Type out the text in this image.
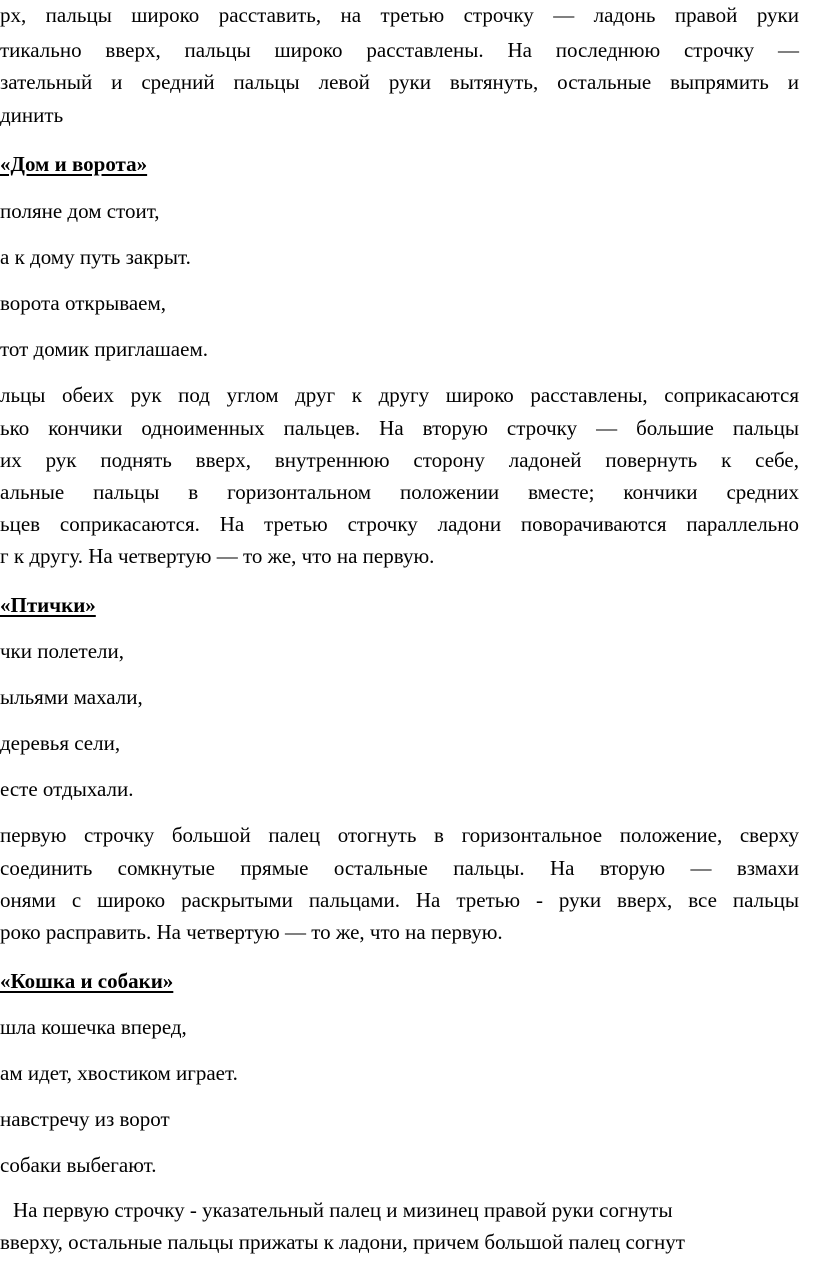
рх, пальцы широко расставить, на третью строчку — ладонь правой руки

тикально вверх, пальцы широко расставлены. На последнюю строчку —

зательный и средний пальцы левой руки вытянуть, остальные выпрямить и

динить

«Дом и ворота»

поляне дом стоит,

а к дому путь закрыт.

ворота открываем,

тот домик приглашаем.

льцы обеих рук под углом друг к другу широко расставлены, соприкасаются

ько кончики одноименных пальцев. На вторую строчку — большие пальцы

их рук поднять вверх, внутреннюю сторону ладоней повернуть к себе,

альные пальцы в горизонтальном положении вместе; кончики средних

ьцев соприкасаются. На третью строчку ладони поворачиваются параллельно

г к другу. На четвертую — то же, что на первую.

«Птички»

чки полетели,

ыльями махали,

деревья сели,

есте отдыхали.

первую строчку большой палец отогнуть в горизонтальное положение, сверху

соединить сомкнутые прямые остальные пальцы. На вторую — взмахи

онями с широко раскрытыми пальцами. На третью - руки вверх, все пальцы

роко расправить. На четвертую — то же, что на первую.

«Кошка и собаки»

шла кошечка вперед,

ам идет, хвостиком играет.

навстречу из ворот

собаки выбегают.

На первую строчку - указательный палец и мизинец правой руки согнуты

вверху, остальные пальцы прижаты к ладони, причем большой палец согнут
